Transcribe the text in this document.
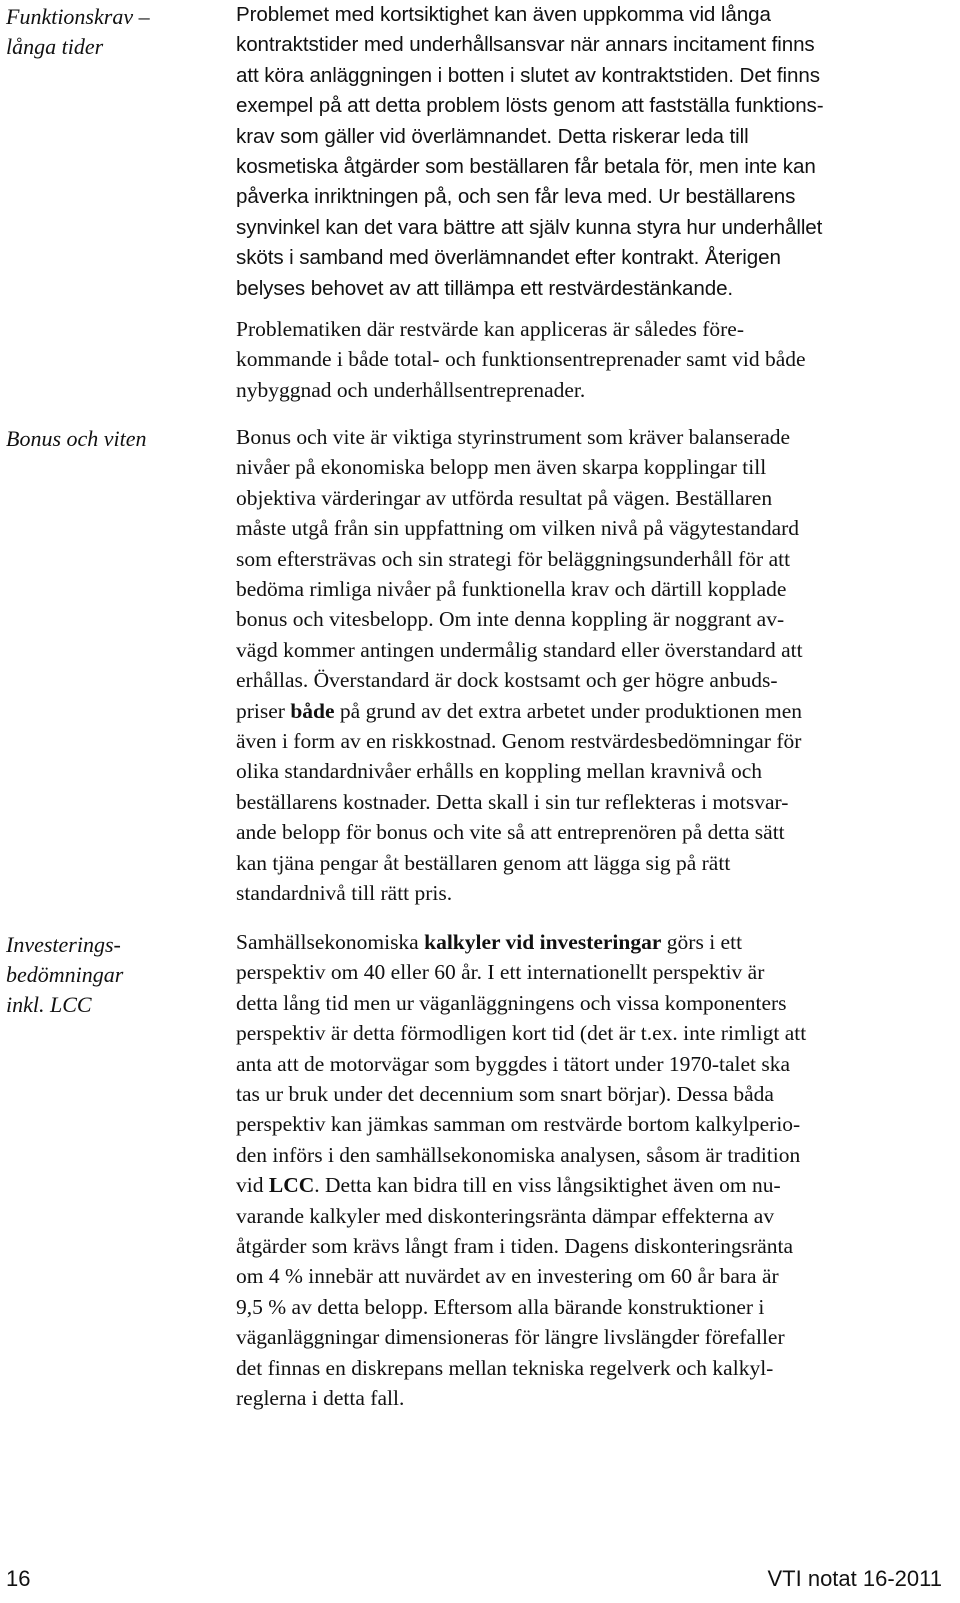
Funktionskrav –
långa tider
Bonus och viten
Investerings-
bedömningar
inkl. LCC
Problemet med kortsiktighet kan även uppkomma vid långa
kontraktstider med underhållsansvar när annars incitament finns
att köra anläggningen i botten i slutet av kontraktstiden. Det finns
exempel på att detta problem lösts genom att fastställa funktions-
krav som gäller vid överlämnandet. Detta riskerar leda till
kosmetiska åtgärder som beställaren får betala för, men inte kan
påverka inriktningen på, och sen får leva med. Ur beställarens
synvinkel kan det vara bättre att själv kunna styra hur underhållet
sköts i samband med överlämnandet efter kontrakt. Återigen
belyses behovet av att tillämpa ett restvärdestänkande.
Problematiken där restvärde kan appliceras är således före-
kommande i både total- och funktionsentreprenader samt vid både
nybyggnad och underhållsentreprenader.
Bonus och vite är viktiga styrinstrument som kräver balanserade
nivåer på ekonomiska belopp men även skarpa kopplingar till
objektiva värderingar av utförda resultat på vägen. Beställaren
måste utgå från sin uppfattning om vilken nivå på vägytestandard
som eftersträvas och sin strategi för beläggningsunderhåll för att
bedöma rimliga nivåer på funktionella krav och därtill kopplade
bonus och vitesbelopp. Om inte denna koppling är noggrant av-
vägd kommer antingen undermålig standard eller överstandard att
erhållas. Överstandard är dock kostsamt och ger högre anbuds-
priser både på grund av det extra arbetet under produktionen men
även i form av en riskkostnad. Genom restvärdesbedömningar för
olika standardnivåer erhålls en koppling mellan kravnivå och
beställarens kostnader. Detta skall i sin tur reflekteras i motsvar-
ande belopp för bonus och vite så att entreprenören på detta sätt
kan tjäna pengar åt beställaren genom att lägga sig på rätt
standardnivå till rätt pris.
Samhällsekonomiska kalkyler vid investeringar görs i ett
perspektiv om 40 eller 60 år. I ett internationellt perspektiv är
detta lång tid men ur väganläggningens och vissa komponenters
perspektiv är detta förmodligen kort tid (det är t.ex. inte rimligt att
anta att de motorvägar som byggdes i tätort under 1970-talet ska
tas ur bruk under det decennium som snart börjar). Dessa båda
perspektiv kan jämkas samman om restvärde bortom kalkylperio-
den införs i den samhällsekonomiska analysen, såsom är tradition
vid LCC. Detta kan bidra till en viss långsiktighet även om nu-
varande kalkyler med diskonteringsränta dämpar effekterna av
åtgärder som krävs långt fram i tiden. Dagens diskonteringsränta
om 4 % innebär att nuvärdet av en investering om 60 år bara är
9,5 % av detta belopp. Eftersom alla bärande konstruktioner i
väganläggningar dimensioneras för längre livslängder förefaller
det finnas en diskrepans mellan tekniska regelverk och kalkyl-
reglerna i detta fall.
16	VTI notat 16-2011
